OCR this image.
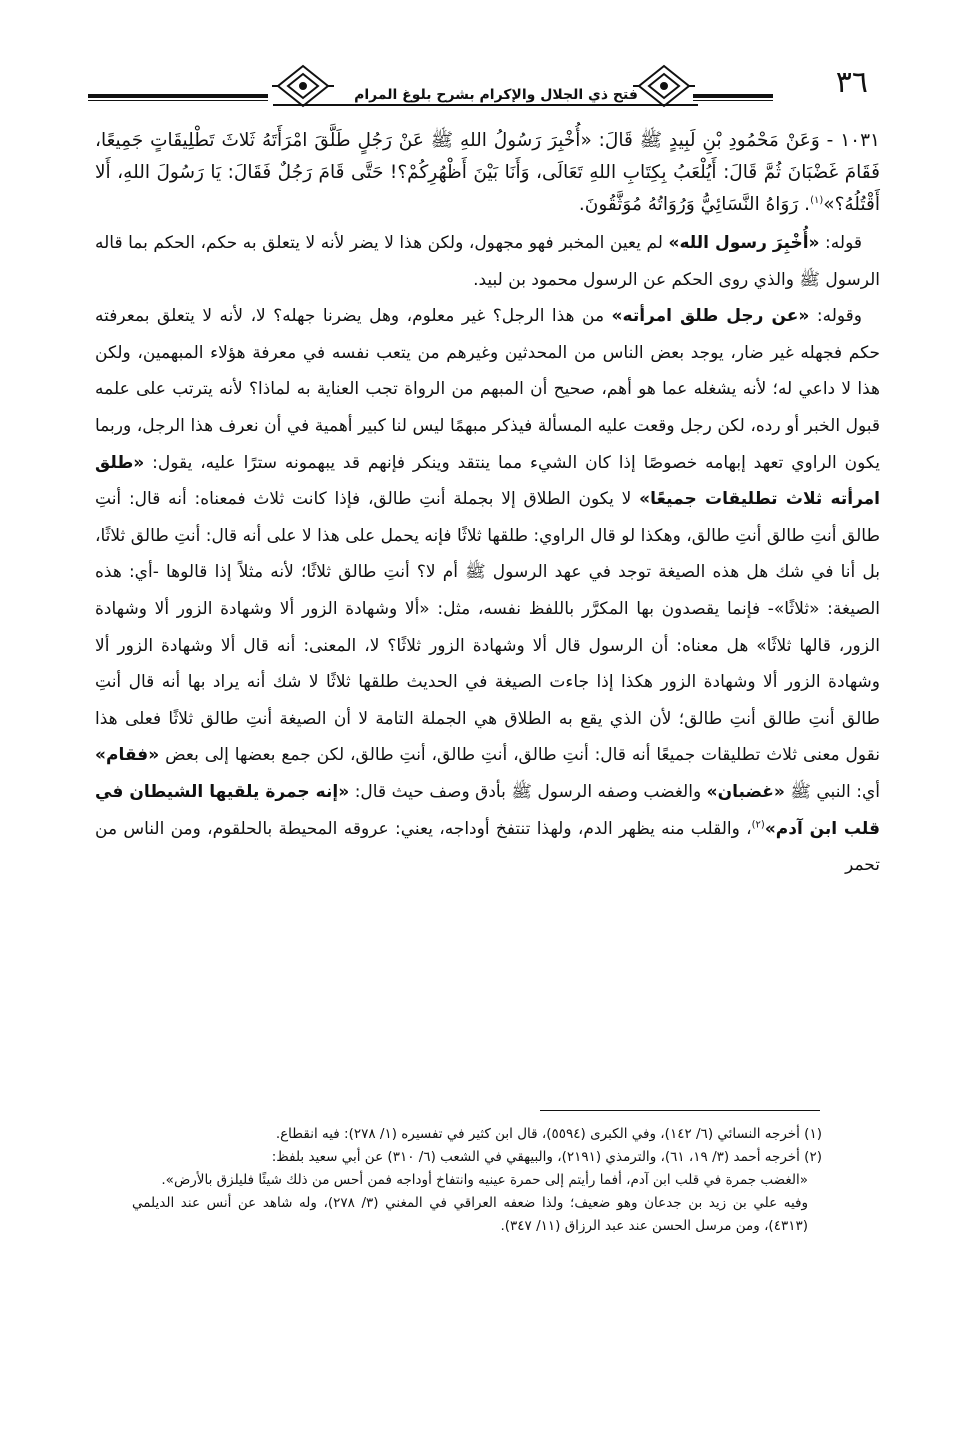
٣٦
فتح ذي الجلال والإكرام بشرح بلوغ المرام

١٠٣١ - وَعَنْ مَحْمُودِ بْنِ لَبِيدٍ ﷺ قَالَ: «أُخْبِرَ رَسُولُ اللهِ ﷺ عَنْ رَجُلٍ طَلَّقَ امْرَأَتَهُ ثَلاثَ تَطْلِيقَاتٍ جَمِيعًا، فَقَامَ غَضْبَانَ ثُمَّ قَالَ: أَيُلْعَبُ بِكِتَابِ اللهِ تَعَالَى، وَأَنَا بَيْنَ أَظْهُرِكُمْ؟! حَتَّى قَامَ رَجُلٌ فَقَالَ: يَا رَسُولَ اللهِ، أَلا أَقْتُلُهُ؟»$^{(١)}$. رَوَاهُ النَّسَائِيُّ وَرُوَاتُهُ مُوَثَّقُونَ.

قوله: «أُخْبِرَ رسول الله» لم يعين المخبر فهو مجهول، ولكن هذا لا يضر لأنه لا يتعلق به حكم، الحكم بما قاله الرسول ﷺ والذي روى الحكم عن الرسول محمود بن لبيد.

وقوله: «عن رجل طلق امرأته» من هذا الرجل؟ غير معلوم، وهل يضرنا جهله؟ لا، لأنه لا يتعلق بمعرفته حكم فجهله غير ضار، يوجد بعض الناس من المحدثين وغيرهم من يتعب نفسه في معرفة هؤلاء المبهمين، ولكن هذا لا داعي له؛ لأنه يشغله عما هو أهم، صحيح أن المبهم من الرواة تجب العناية به لماذا؟ لأنه يترتب على علمه قبول الخبر أو رده، لكن رجل وقعت عليه المسألة فيذكر مبهمًا ليس لنا كبير أهمية في أن نعرف هذا الرجل، وربما يكون الراوي تعهد إبهامه خصوصًا إذا كان الشيء مما ينتقد وينكر فإنهم قد يبهمونه سترًا عليه، يقول: «طلق امرأته ثلاث تطليقات جميعًا» لا يكون الطلاق إلا بجملة أنتِ طالق، فإذا كانت ثلاث فمعناه: أنه قال: أنتِ طالق أنتِ طالق أنتِ طالق، وهكذا لو قال الراوي: طلقها ثلاثًا فإنه يحمل على هذا لا على أنه قال: أنتِ طالق ثلاثًا، بل أنا في شك هل هذه الصيغة توجد في عهد الرسول ﷺ أم لا؟ أنتِ طالق ثلاثًا؛ لأنه مثلاً إذا قالوها -أي: هذه الصيغة: «ثلاثًا»- فإنما يقصدون بها المكرَّر باللفظ نفسه، مثل: «ألا وشهادة الزور ألا وشهادة الزور ألا وشهادة الزور، قالها ثلاثًا» هل معناه: أن الرسول قال ألا وشهادة الزور ثلاثًا؟ لا، المعنى: أنه قال ألا وشهادة الزور ألا وشهادة الزور ألا وشهادة الزور هكذا إذا جاءت الصيغة في الحديث طلقها ثلاثًا لا شك أنه يراد بها أنه قال أنتِ طالق أنتِ طالق أنتِ طالق؛ لأن الذي يقع به الطلاق هي الجملة التامة لا أن الصيغة أنتِ طالق ثلاثًا فعلى هذا نقول معنى ثلاث تطليقات جميعًا أنه قال: أنتِ طالق، أنتِ طالق، أنتِ طالق، لكن جمع بعضها إلى بعض «فقام» أي: النبي ﷺ «غضبان» والغضب وصفه الرسول ﷺ بأدق وصف حيث قال: «إنه جمرة يلقيها الشيطان في قلب ابن آدم»$^{(٢)}$، والقلب منه يظهر الدم، ولهذا تنتفخ أوداجه، يعني: عروقه المحيطة بالحلقوم، ومن الناس من تحمر

(١) أخرجه النسائي (٦/ ١٤٢)، وفي الكبرى (٥٥٩٤)، قال ابن كثير في تفسيره (١/ ٢٧٨): فيه انقطاع.

(٢) أخرجه أحمد (٣/ ١٩، ٦١)، والترمذي (٢١٩١)، والبيهقي في الشعب (٦/ ٣١٠) عن أبي سعيد بلفظ:

«الغضب جمرة في قلب ابن آدم، أفما رأيتم إلى حمرة عينيه وانتفاخ أوداجه فمن أحس من ذلك شيئًا فليلزق بالأرض».

وفيه علي بن زيد بن جدعان وهو ضعيف؛ ولذا ضعفه العراقي في المغني (٣/ ٢٧٨)، وله شاهد عن أنس عند الديلمي (٤٣١٣)، ومن مرسل الحسن عند عبد الرزاق (١١/ ٣٤٧).
